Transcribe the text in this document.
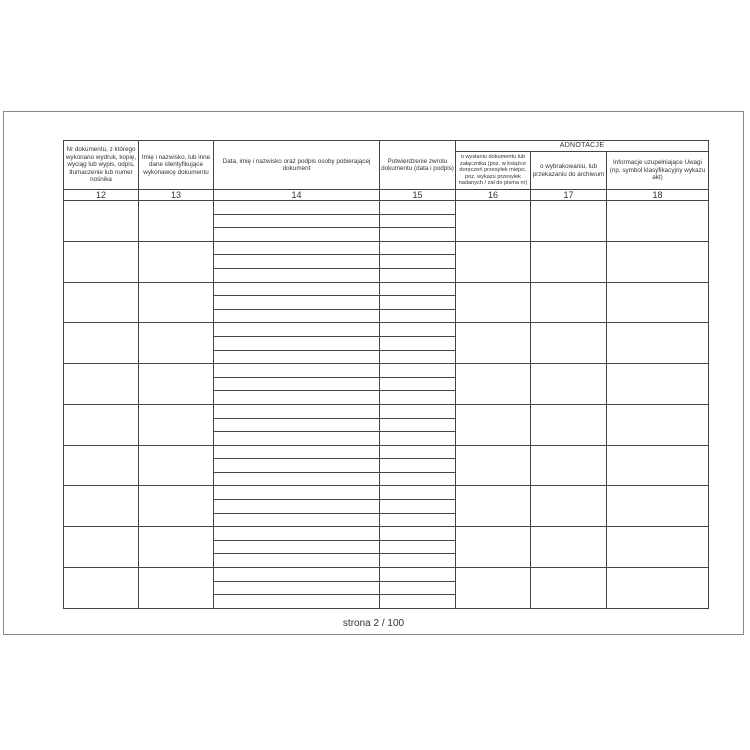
Nr dokumentu, z którego wykonano wydruk, kopię, wyciąg lub wypis, odpis, tłumaczenie lub numer nośnika	Imię i nazwisko, lub inne dane identyfikujące wykonawcę dokumentu	Data, imię i nazwisko oraz podpis osoby pobierającej dokument	Potwierdzenie zwrotu dokumentu (data i podpis)	ADNOTACJE		
				o wysłaniu dokumentu lub załącznika (poz. w książce doręczeń przesyłek miejsc. poz. wykazu przesyłek nadanych / zał do pisma nr)	o wybrakowaniu, lub przekazaniu do archiwum	Informacje uzupełniające Uwagi (np. symbol klasyfikacyjny wykazu akt)
12	13	14	15	16	17	18

strona 2 / 100
